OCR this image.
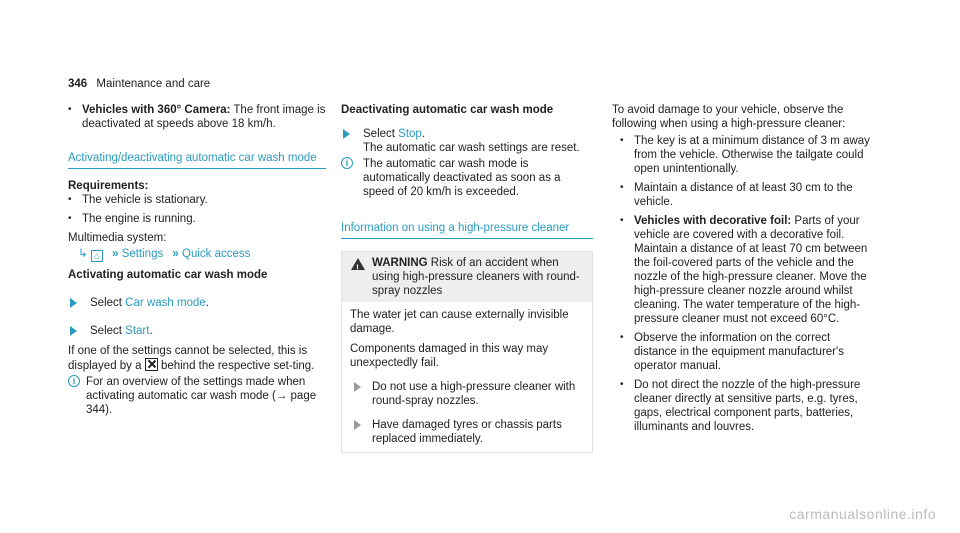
346 Maintenance and care
• Vehicles with 360° Camera: The front image is deactivated at speeds above 18 km/h.
Activating/deactivating automatic car wash mode
Requirements:
• The vehicle is stationary.
• The engine is running.
Multimedia system:
↳ ⌂ » Settings » Quick access
Activating automatic car wash mode
Select Car wash mode.
Select Start.
If one of the settings cannot be selected, this is displayed by a ☒ behind the respective set-ting.
i For an overview of the settings made when activating automatic car wash mode (→ page 344).
Deactivating automatic car wash mode
Select Stop.
The automatic car wash settings are reset.
i	The automatic car wash mode is automatically deactivated as soon as a speed of 20 km/h is exceeded.
Information on using a high-pressure cleaner
! WARNING Risk of an accident when using high-pressure cleaners with round-spray nozzles
The water jet can cause externally invisible damage.
Components damaged in this way may unexpectedly fail.
Do not use a high-pressure cleaner with round-spray nozzles.
Have damaged tyres or chassis parts replaced immediately.
To avoid damage to your vehicle, observe the following when using a high-pressure cleaner:
• The key is at a minimum distance of 3 m away from the vehicle. Otherwise the tailgate could open unintentionally.
• Maintain a distance of at least 30 cm to the vehicle.
• Vehicles with decorative foil: Parts of your vehicle are covered with a decorative foil. Maintain a distance of at least 70 cm between the foil-covered parts of the vehicle and the nozzle of the high-pressure cleaner. Move the high-pressure cleaner nozzle around whilst cleaning. The water temperature of the high-pressure cleaner must not exceed 60°C.
• Observe the information on the correct distance in the equipment manufacturer's operator manual.
• Do not direct the nozzle of the high-pressure cleaner directly at sensitive parts, e.g. tyres, gaps, electrical component parts, batteries, illuminants and louvres.
carmanualsonline.info
